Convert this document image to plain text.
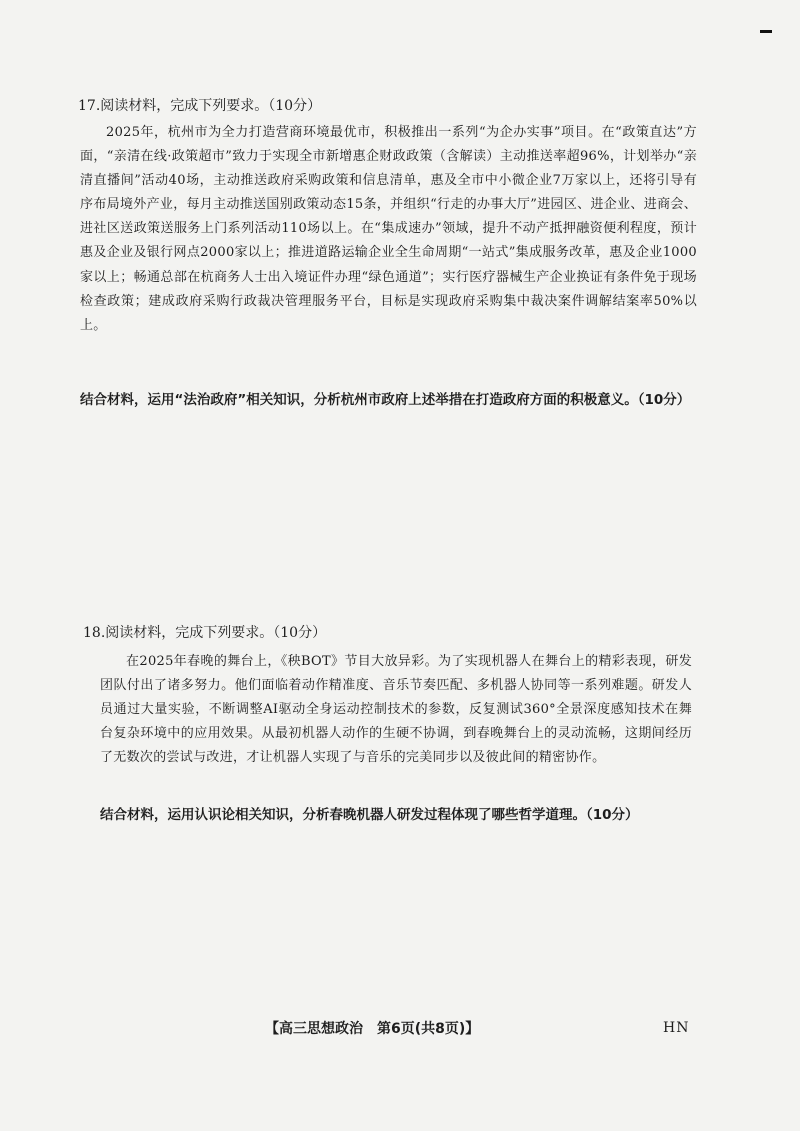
17.阅读材料，完成下列要求。（10分）

2025年，杭州市为全力打造营商环境最优市，积极推出一系列“为企办实事”项目。在“政策直达”方面，“亲清在线·政策超市”致力于实现全市新增惠企财政政策（含解读）主动推送率超96%，计划举办“亲清直播间”活动40场，主动推送政府采购政策和信息清单，惠及全市中小微企业7万家以上，还将引导有序布局境外产业，每月主动推送国别政策动态15条，并组织“行走的办事大厅”进园区、进企业、进商会、进社区送政策送服务上门系列活动110场以上。在“集成速办”领域，提升不动产抵押融资便利程度，预计惠及企业及银行网点2000家以上；推进道路运输企业全生命周期“一站式”集成服务改革，惠及企业1000家以上；畅通总部在杭商务人士出入境证件办理“绿色通道”；实行医疗器械生产企业换证有条件免于现场检查政策；建成政府采购行政裁决管理服务平台，目标是实现政府采购集中裁决案件调解结案率50%以上。

结合材料，运用“法治政府”相关知识，分析杭州市政府上述举措在打造政府方面的积极意义。（10分）
18.阅读材料，完成下列要求。（10分）

在2025年春晚的舞台上，《秧BOT》节目大放异彩。为了实现机器人在舞台上的精彩表现，研发团队付出了诸多努力。他们面临着动作精准度、音乐节奏匹配、多机器人协同等一系列难题。研发人员通过大量实验，不断调整AI驱动全身运动控制技术的参数，反复测试360°全景深度感知技术在舞台复杂环境中的应用效果。从最初机器人动作的生硬不协调，到春晚舞台上的灵动流畅，这期间经历了无数次的尝试与改进，才让机器人实现了与音乐的完美同步以及彼此间的精密协作。

结合材料，运用认识论相关知识，分析春晚机器人研发过程体现了哪些哲学道理。（10分）
【高三思想政治　第6页(共8页)】	HN
